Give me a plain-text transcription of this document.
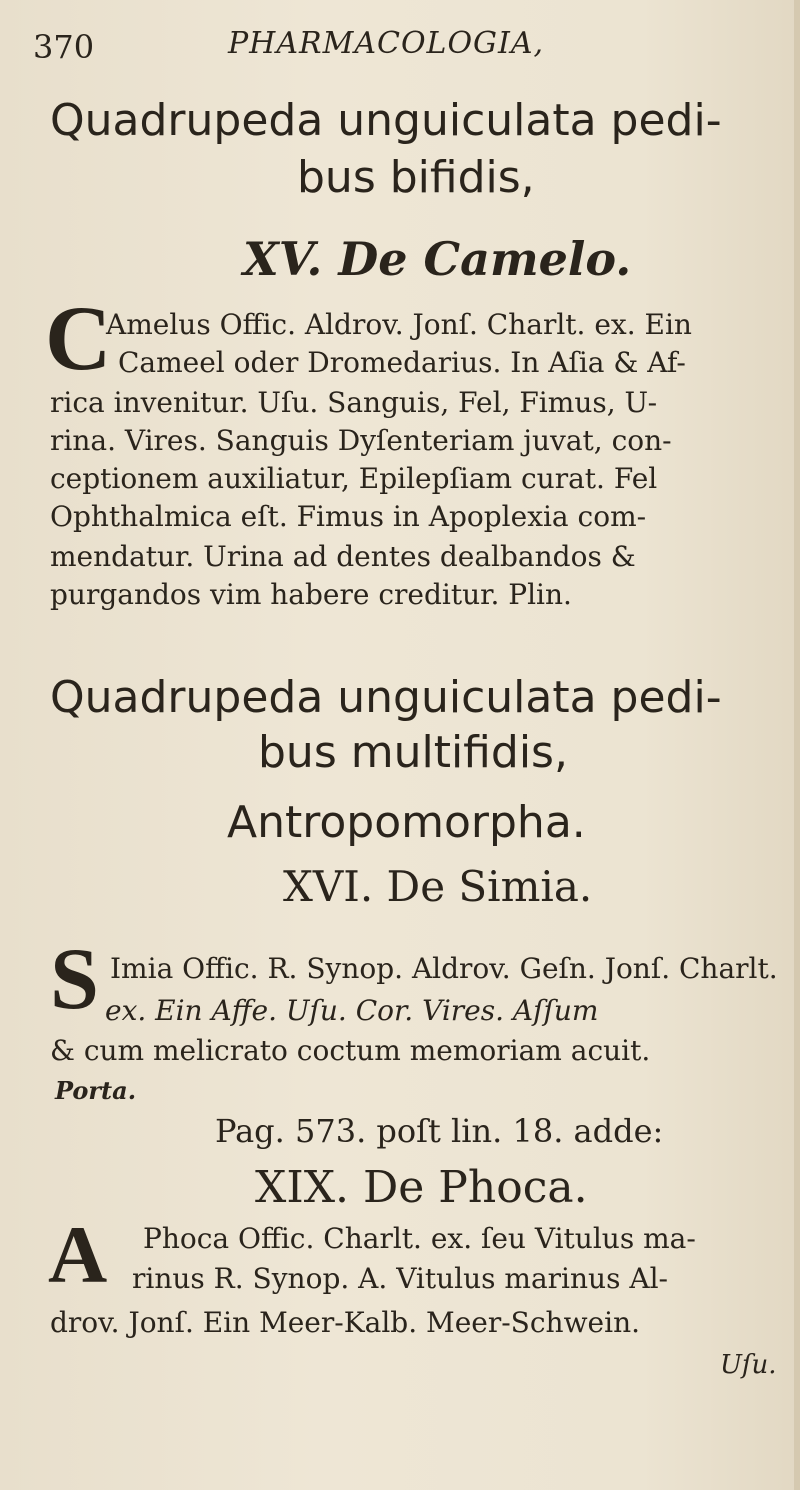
370	PHARMACOLOGIA,
Quadrupeda unguiculata pedi-
bus bifidis,
XV. De Camelo.
C
Amelus Offic. Aldrov. Jonſ. Charlt. ex. Ein
Cameel oder Dromedarius. In Aſia & Af-
rica invenitur. Uſu. Sanguis, Fel, Fimus, U-
rina. Vires. Sanguis Dyſenteriam juvat, con-
ceptionem auxiliatur, Epilepſiam curat. Fel
Ophthalmica eſt. Fimus in Apoplexia com-
mendatur. Urina ad dentes dealbandos &
purgandos vim habere creditur. Plin.
Quadrupeda unguiculata pedi-
bus multifidis,
Antropomorpha.
XVI. De Simia.
S Imia Offic. R. Synop. Aldrov. Geſn. Jonſ. Charlt.
ex. Ein Affe. Uſu. Cor. Vires. Aſſum
& cum melicrato coctum memoriam acuit.
Porta.
Pag. 573. poſt lin. 18. adde:
XIX. De Phoca.
A Phoca Offic. Charlt. ex. ſeu Vitulus ma-
rinus R. Synop. A. Vitulus marinus Al-
drov. Jonſ. Ein Meer-Kalb. Meer-Schwein.
Uſu.
